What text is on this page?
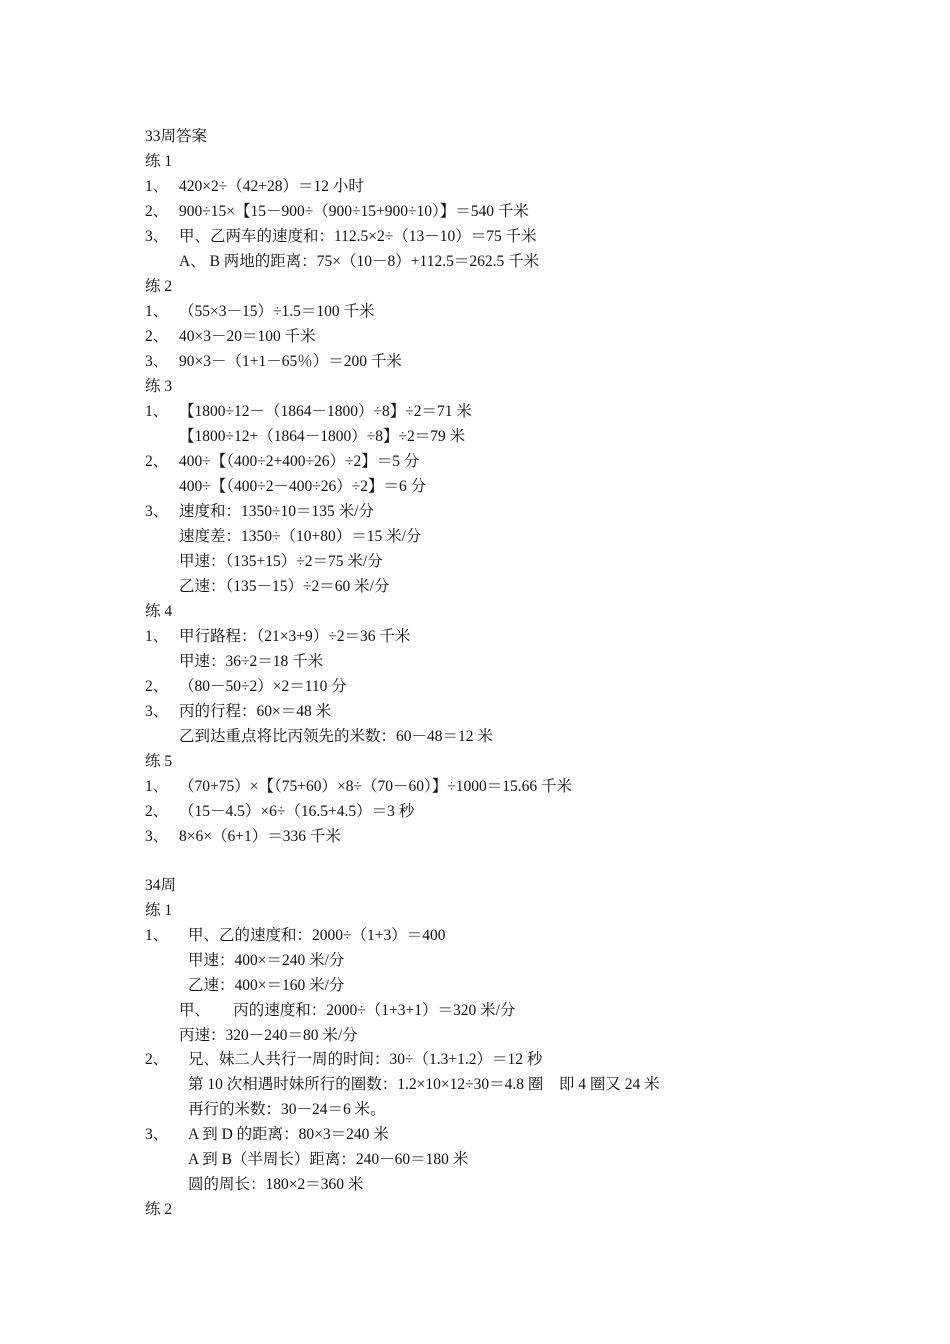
33周答案
练 1
1、 420×2÷（42+28）＝12 小时
2、 900÷15×【15－900÷（900÷15+900÷10）】＝540 千米
3、 甲、乙两车的速度和：112.5×2÷（13－10）＝75 千米
A、 B 两地的距离：75×（10－8）+112.5＝262.5 千米
练 2
1、 （55×3－15）÷1.5＝100 千米
2、 40×3－20＝100 千米
3、 90×3－（1+1－65％）＝200 千米
练 3
1、 【1800÷12－（1864－1800）÷8】÷2＝71 米
【1800÷12+（1864－1800）÷8】÷2＝79 米
2、 400÷【（400÷2+400÷26）÷2】＝5 分
400÷【（400÷2－400÷26）÷2】＝6 分
3、 速度和：1350÷10＝135 米/分
速度差：1350÷（10+80）＝15 米/分
甲速：（135+15）÷2＝75 米/分
乙速：（135－15）÷2＝60 米/分
练 4
1、 甲行路程：（21×3+9）÷2＝36 千米
甲速：36÷2＝18 千米
2、 （80－50÷2）×2＝110 分
3、 丙的行程：60×＝48 米
乙到达重点将比丙领先的米数：60－48＝12 米
练 5
1、 （70+75）×【（75+60）×8÷（70－60）】÷1000＝15.66 千米
2、 （15－4.5）×6÷（16.5+4.5）＝3 秒
3、 8×6×（6+1）＝336 千米
34周
练 1
1、 甲、乙的速度和：2000÷（1+3）＝400
甲速：400×＝240 米/分
乙速：400×＝160 米/分
甲、　　丙的速度和：2000÷（1+3+1）＝320 米/分
丙速：320－240＝80 米/分
2、 兄、妹二人共行一周的时间：30÷（1.3+1.2）＝12 秒
第 10 次相遇时妹所行的圈数：1.2×10×12÷30＝4.8 圈　即 4 圈又 24 米
再行的米数：30－24＝6 米。
3、 A 到 D 的距离：80×3＝240 米
A 到 B（半周长）距离：240－60＝180 米
圆的周长：180×2＝360 米
练 2
